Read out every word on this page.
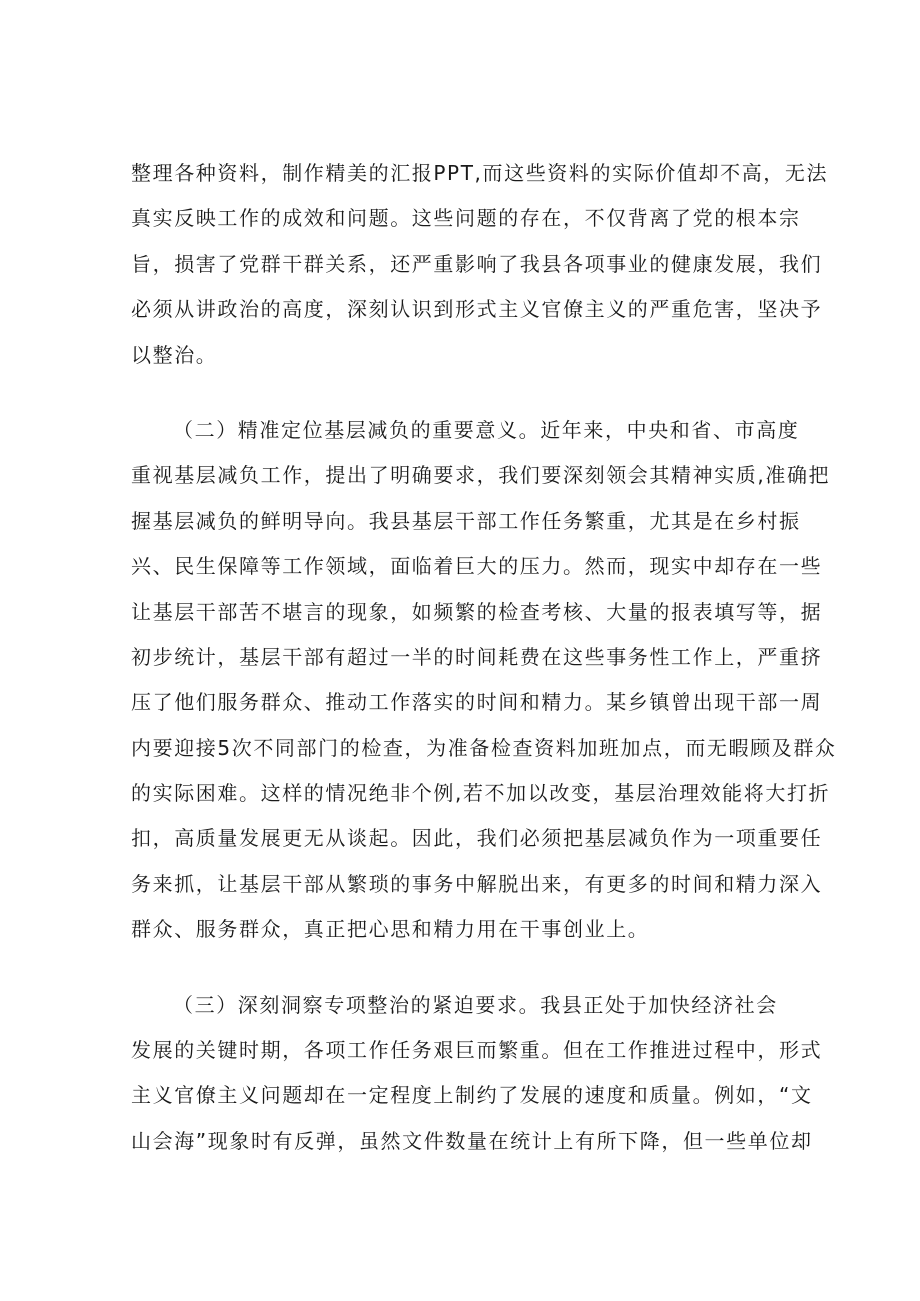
整理各种资料，制作精美的汇报PPT,而这些资料的实际价值却不高，无法
真实反映工作的成效和问题。这些问题的存在，不仅背离了党的根本宗
旨，损害了党群干群关系，还严重影响了我县各项事业的健康发展，我们
必须从讲政治的高度，深刻认识到形式主义官僚主义的严重危害，坚决予
以整治。
（二）精准定位基层减负的重要意义。近年来，中央和省、市高度
重视基层减负工作，提出了明确要求，我们要深刻领会其精神实质,准确把
握基层减负的鲜明导向。我县基层干部工作任务繁重，尤其是在乡村振
兴、民生保障等工作领域，面临着巨大的压力。然而，现实中却存在一些
让基层干部苦不堪言的现象，如频繁的检查考核、大量的报表填写等，据
初步统计，基层干部有超过一半的时间耗费在这些事务性工作上，严重挤
压了他们服务群众、推动工作落实的时间和精力。某乡镇曾出现干部一周
内要迎接5次不同部门的检查，为准备检查资料加班加点，而无暇顾及群众
的实际困难。这样的情况绝非个例,若不加以改变，基层治理效能将大打折
扣，高质量发展更无从谈起。因此，我们必须把基层减负作为一项重要任
务来抓，让基层干部从繁琐的事务中解脱出来，有更多的时间和精力深入
群众、服务群众，真正把心思和精力用在干事创业上。
（三）深刻洞察专项整治的紧迫要求。我县正处于加快经济社会
发展的关键时期，各项工作任务艰巨而繁重。但在工作推进过程中，形式
主义官僚主义问题却在一定程度上制约了发展的速度和质量。例如，“文
山会海”现象时有反弹，虽然文件数量在统计上有所下降，但一些单位却
